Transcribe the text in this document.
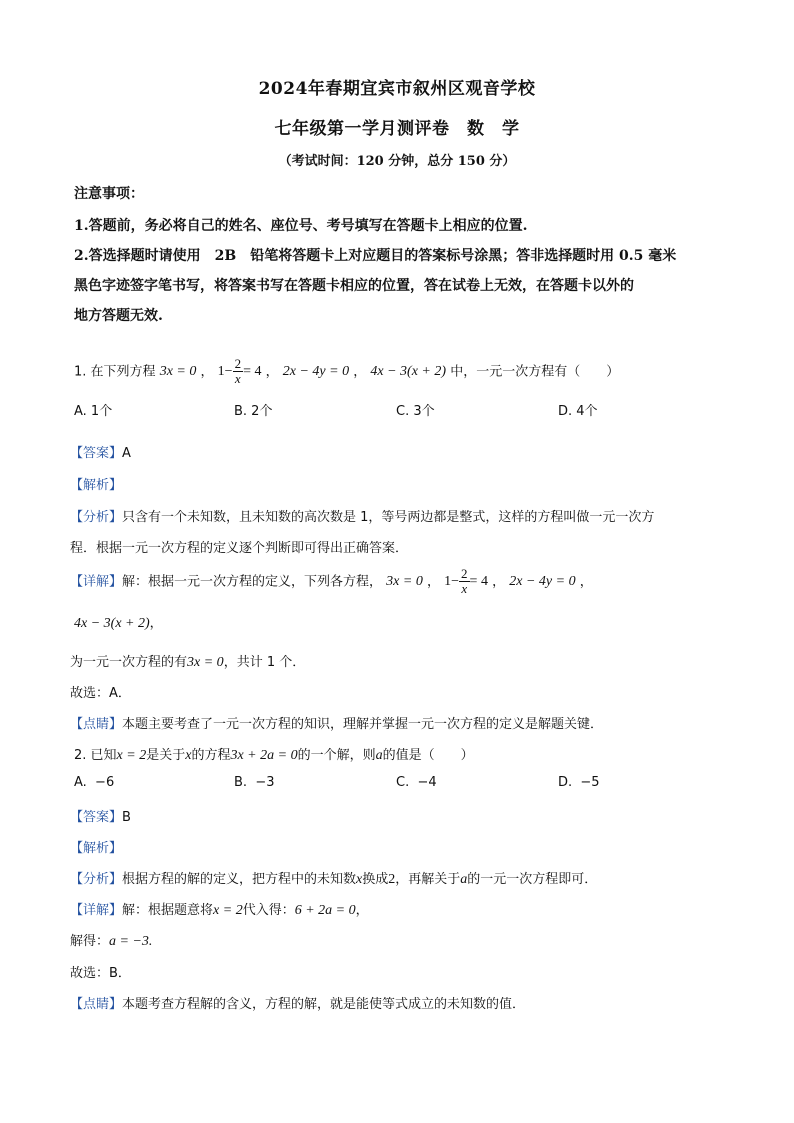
2024年春期宜宾市叙州区观音学校
七年级第一学月测评卷　数　学
（考试时间：120 分钟，总分 150 分）
注意事项：
1.答题前，务必将自己的姓名、座位号、考号填写在答题卡上相应的位置.
2.答选择题时请使用　2B　铅笔将答题卡上对应题目的答案标号涂黑；答非选择题时用 0.5 毫米
黑色字迹签字笔书写，将答案书写在答题卡相应的位置，答在试卷上无效，在答题卡以外的
地方答题无效.
1. 在下列方程 3x = 0 ， $1- \frac{2}{x} = 4$ ， 2x − 4y = 0 ， 4x − 3(x + 2) 中，一元一次方程有（　　）
A. 1个	B. 2个	C. 3个	D. 4个
【答案】A
【解析】
【分析】只含有一个未知数，且未知数的高次数是 1，等号两边都是整式，这样的方程叫做一元一次方
程．根据一元一次方程的定义逐个判断即可得出正确答案．
【详解】解：根据一元一次方程的定义，下列各方程， 3x = 0 ， $1- \frac{2}{x} = 4$ ， 2x − 4y = 0 ，
4x − 3(x + 2)，
为一元一次方程的有3x = 0，共计 1 个．
故选：A．
【点睛】本题主要考查了一元一次方程的知识，理解并掌握一元一次方程的定义是解题关键．
2. 已知x = 2是关于x的方程3x + 2a = 0的一个解，则a的值是（　　）
A.  −6	B.  −3	C.  −4	D.  −5
【答案】B
【解析】
【分析】根据方程的解的定义，把方程中的未知数x换成2，再解关于a的一元一次方程即可．
【详解】解：根据题意将x = 2代入得：6 + 2a = 0，
解得：a = −3.
故选：B．
【点睛】本题考查方程解的含义，方程的解，就是能使等式成立的未知数的值．
